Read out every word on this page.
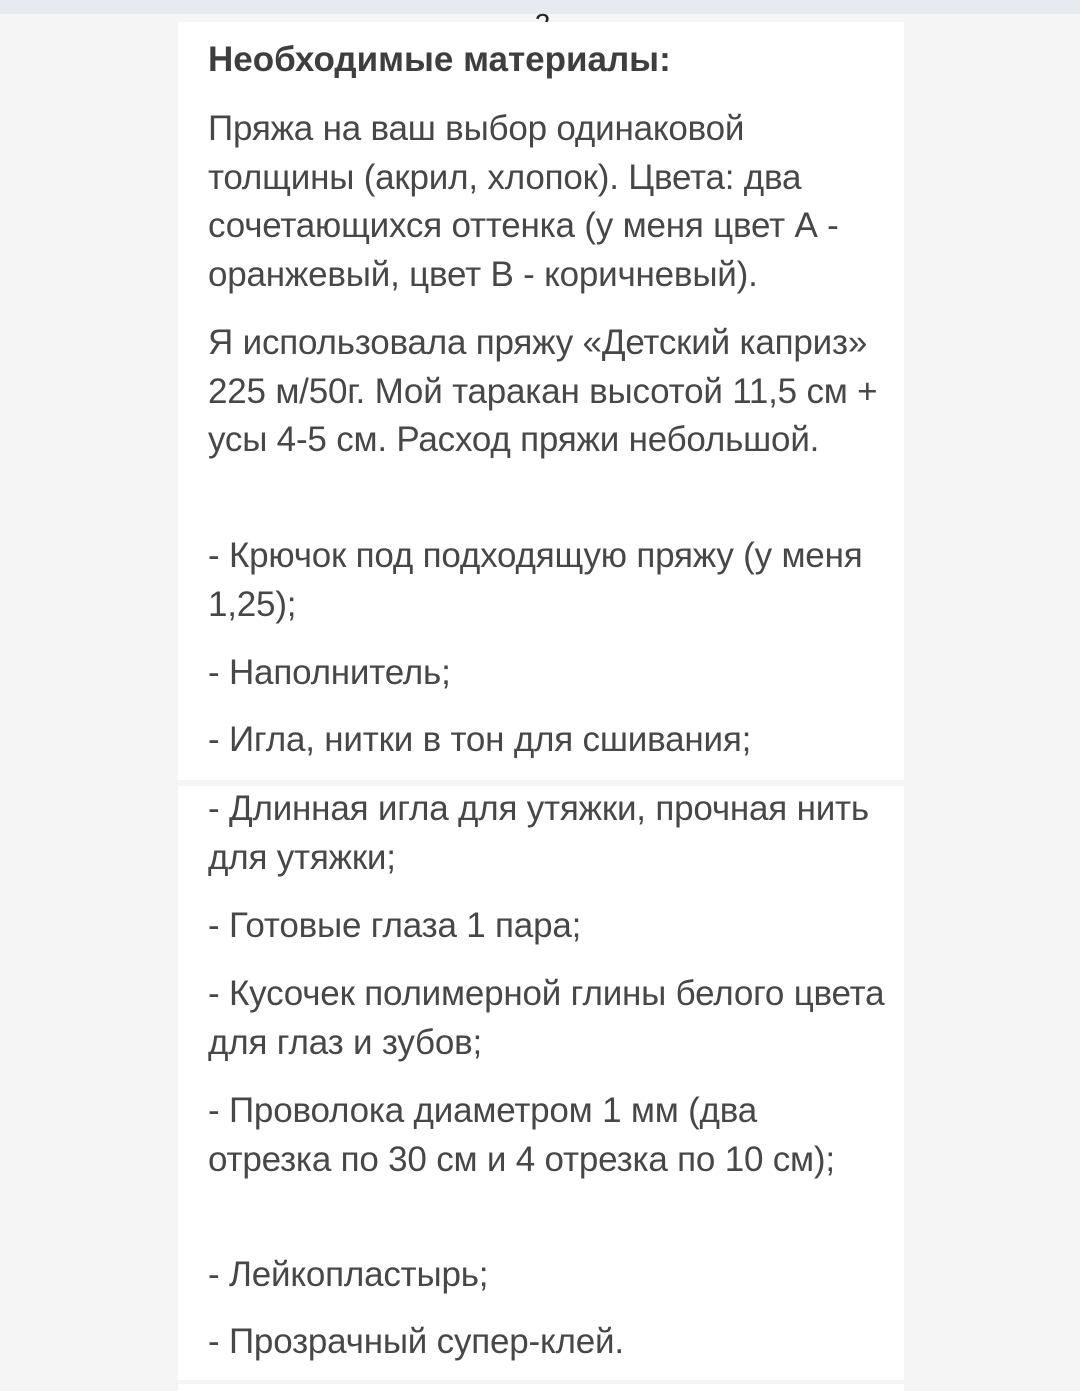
Необходимые материалы:
Пряжа на ваш выбор одинаковой толщины (акрил, хлопок). Цвета: два сочетающихся оттенка (у меня цвет А - оранжевый, цвет В - коричневый).
Я использовала пряжу «Детский каприз» 225 м/50г. Мой таракан высотой 11,5 см + усы 4-5 см. Расход пряжи небольшой.
- Крючок под подходящую пряжу (у меня 1,25);
- Наполнитель;
- Игла, нитки в тон для сшивания;
- Длинная игла для утяжки, прочная нить для утяжки;
- Готовые глаза 1 пара;
- Кусочек полимерной глины белого цвета для глаз и зубов;
- Проволока диаметром 1 мм (два отрезка по 30 см и 4 отрезка по 10 см);
- Лейкопластырь;
- Прозрачный супер-клей.
